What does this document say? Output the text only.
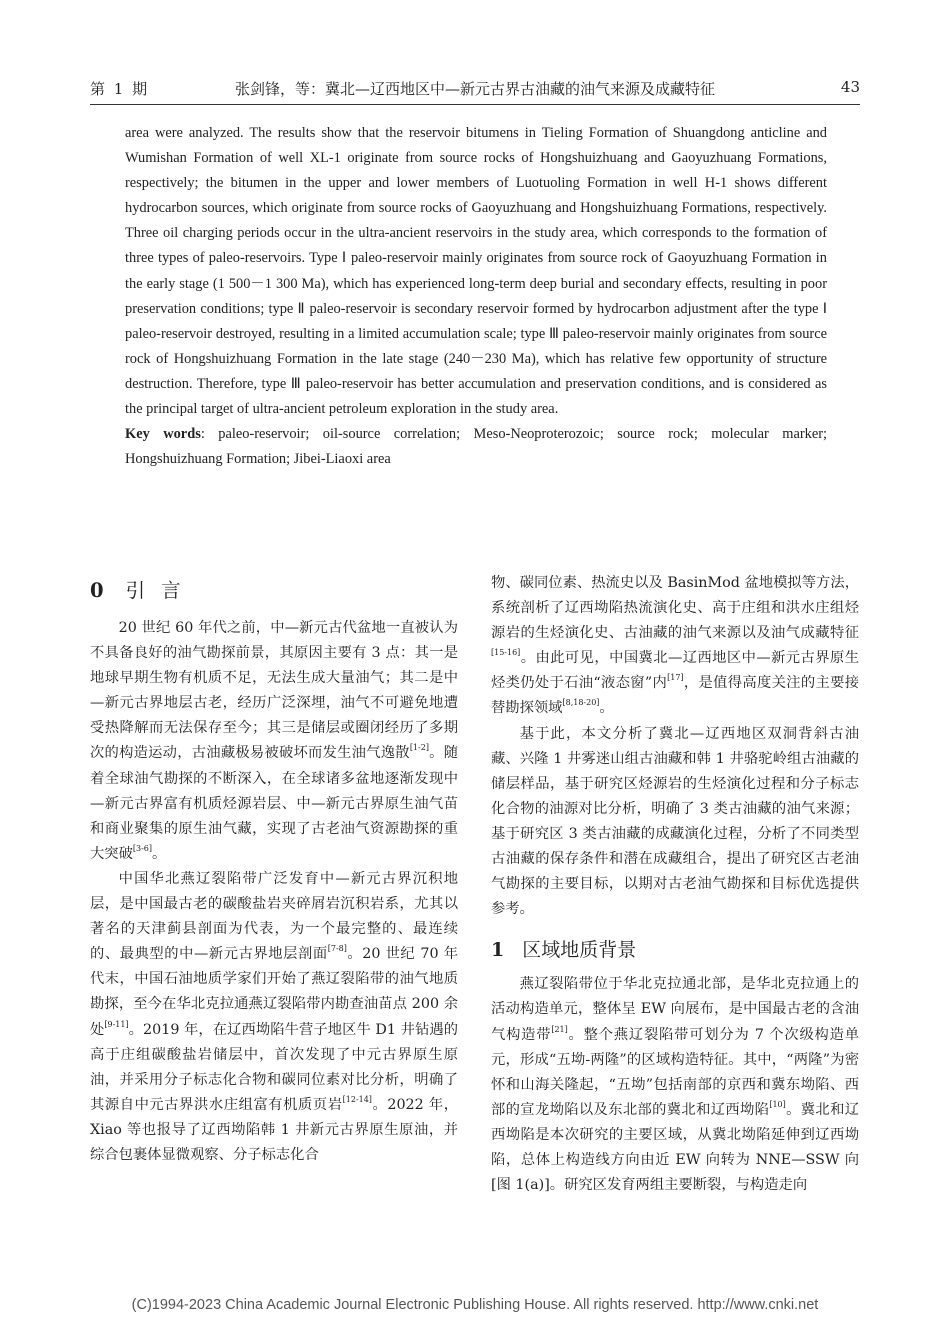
第 1 期	张剑锋，等：冀北—辽西地区中—新元古界古油藏的油气来源及成藏特征	43

area were analyzed. The results show that the reservoir bitumens in Tieling Formation of Shuangdong anticline and Wumishan Formation of well XL-1 originate from source rocks of Hongshuizhuang and Gaoyuzhuang Formations, respectively; the bitumen in the upper and lower members of Luotuoling Formation in well H-1 shows different hydrocarbon sources, which originate from source rocks of Gaoyuzhuang and Hongshuizhuang Formations, respectively. Three oil charging periods occur in the ultra-ancient reservoirs in the study area, which corresponds to the formation of three types of paleo-reservoirs. Type Ⅰ paleo-reservoir mainly originates from source rock of Gaoyuzhuang Formation in the early stage (1 500－1 300 Ma), which has experienced long-term deep burial and secondary effects, resulting in poor preservation conditions; type Ⅱ paleo-reservoir is secondary reservoir formed by hydrocarbon adjustment after the type Ⅰ paleo-reservoir destroyed, resulting in a limited accumulation scale; type Ⅲ paleo-reservoir mainly originates from source rock of Hongshuizhuang Formation in the late stage (240－230 Ma), which has relative few opportunity of structure destruction. Therefore, type Ⅲ paleo-reservoir has better accumulation and preservation conditions, and is considered as the principal target of ultra-ancient petroleum exploration in the study area.

Key words: paleo-reservoir; oil-source correlation; Meso-Neoproterozoic; source rock; molecular marker; Hongshuizhuang Formation; Jibei-Liaoxi area

0 引言

20 世纪 60 年代之前，中—新元古代盆地一直被认为不具备良好的油气勘探前景，其原因主要有 3 点：其一是地球早期生物有机质不足，无法生成大量油气；其二是中—新元古界地层古老，经历广泛深埋，油气不可避免地遭受热降解而无法保存至今；其三是储层或圈闭经历了多期次的构造运动，古油藏极易被破坏而发生油气逸散[1-2]。随着全球油气勘探的不断深入，在全球诸多盆地逐渐发现中—新元古界富有机质烃源岩层、中—新元古界原生油气苗和商业聚集的原生油气藏，实现了古老油气资源勘探的重大突破[3-6]。

中国华北燕辽裂陷带广泛发育中—新元古界沉积地层，是中国最古老的碳酸盐岩夹碎屑岩沉积岩系，尤其以著名的天津蓟县剖面为代表，为一个最完整的、最连续的、最典型的中—新元古界地层剖面[7-8]。20 世纪 70 年代末，中国石油地质学家们开始了燕辽裂陷带的油气地质勘探，至今在华北克拉通燕辽裂陷带内勘查油苗点 200 余处[9-11]。2019 年，在辽西坳陷牛营子地区牛 D1 井钻遇的高于庄组碳酸盐岩储层中，首次发现了中元古界原生原油，并采用分子标志化合物和碳同位素对比分析，明确了其源自中元古界洪水庄组富有机质页岩[12-14]。2022 年，Xiao 等也报导了辽西坳陷韩 1 井新元古界原生原油，并综合包裹体显微观察、分子标志化合

物、碳同位素、热流史以及 BasinMod 盆地模拟等方法，系统剖析了辽西坳陷热流演化史、高于庄组和洪水庄组烃源岩的生烃演化史、古油藏的油气来源以及油气成藏特征[15-16]。由此可见，中国冀北—辽西地区中—新元古界原生烃类仍处于石油“液态窗”内[17]，是值得高度关注的主要接替勘探领域[8,18-20]。

基于此，本文分析了冀北—辽西地区双洞背斜古油藏、兴隆 1 井雾迷山组古油藏和韩 1 井骆驼岭组古油藏的储层样品，基于研究区烃源岩的生烃演化过程和分子标志化合物的油源对比分析，明确了 3 类古油藏的油气来源；基于研究区 3 类古油藏的成藏演化过程，分析了不同类型古油藏的保存条件和潜在成藏组合，提出了研究区古老油气勘探的主要目标，以期对古老油气勘探和目标优选提供参考。

1 区域地质背景

燕辽裂陷带位于华北克拉通北部，是华北克拉通上的活动构造单元，整体呈 EW 向展布，是中国最古老的含油气构造带[21]。整个燕辽裂陷带可划分为 7 个次级构造单元，形成“五坳-两隆”的区域构造特征。其中，“两隆”为密怀和山海关隆起，“五坳”包括南部的京西和冀东坳陷、西部的宣龙坳陷以及东北部的冀北和辽西坳陷[10]。冀北和辽西坳陷是本次研究的主要区域，从冀北坳陷延伸到辽西坳陷，总体上构造线方向由近 EW 向转为 NNE—SSW 向[图 1(a)]。研究区发育两组主要断裂，与构造走向

(C)1994-2023 China Academic Journal Electronic Publishing House. All rights reserved. http://www.cnki.net
